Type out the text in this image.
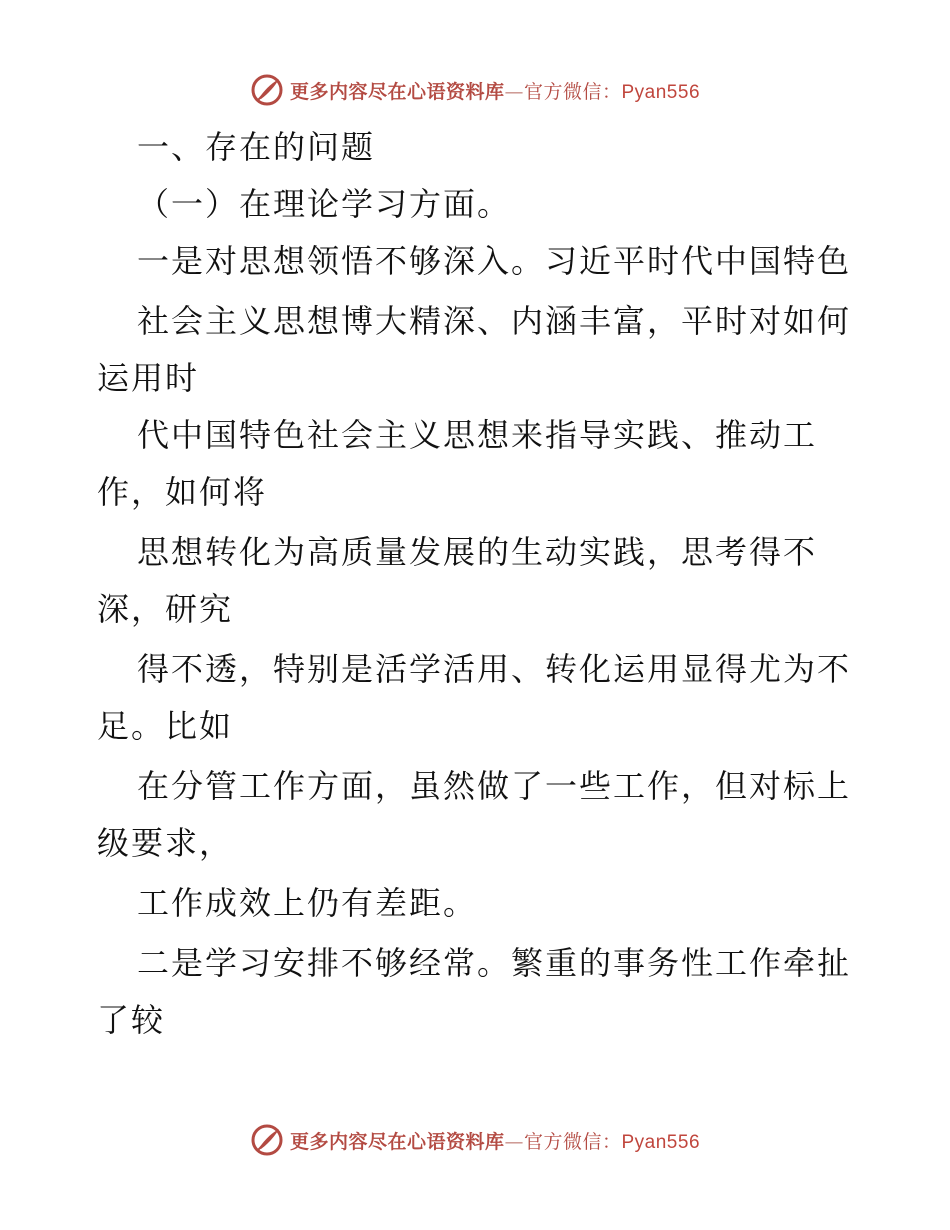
更多内容尽在心语资料库—官方微信：Pyan556
一、存在的问题
（一）在理论学习方面。
一是对思想领悟不够深入。习近平时代中国特色
社会主义思想博大精深、内涵丰富，平时对如何
运用时
代中国特色社会主义思想来指导实践、推动工
作，如何将
思想转化为高质量发展的生动实践，思考得不
深，研究
得不透，特别是活学活用、转化运用显得尤为不
足。比如
在分管工作方面，虽然做了一些工作，但对标上
级要求，
工作成效上仍有差距。
二是学习安排不够经常。繁重的事务性工作牵扯
了较
更多内容尽在心语资料库—官方微信：Pyan556
